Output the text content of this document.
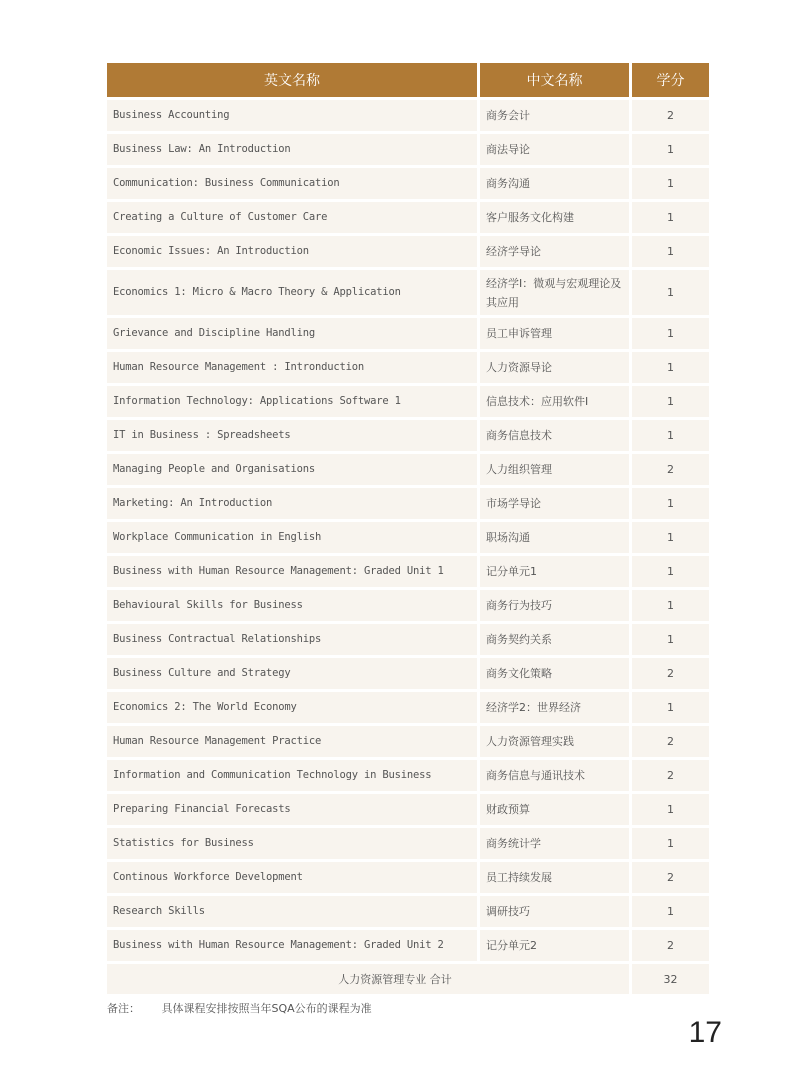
英文名称	中文名称	学分
Business Accounting	商务会计	2
Business Law: An Introduction	商法导论	1
Communication: Business Communication	商务沟通	1
Creating a Culture of Customer Care	客户服务文化构建	1
Economic Issues: An Introduction	经济学导论	1
Economics 1: Micro & Macro Theory & Application	经济学I：微观与宏观理论及其应用	1
Grievance and Discipline Handling	员工申诉管理	1
Human Resource Management : Intronduction	人力资源导论	1
Information Technology: Applications Software 1	信息技术：应用软件I	1
IT in Business : Spreadsheets	商务信息技术	1
Managing People and Organisations	人力组织管理	2
Marketing: An Introduction	市场学导论	1
Workplace Communication in English	职场沟通	1
Business with Human Resource Management: Graded Unit 1	记分单元1	1
Behavioural Skills for Business	商务行为技巧	1
Business Contractual Relationships	商务契约关系	1
Business Culture and Strategy	商务文化策略	2
Economics 2: The World Economy	经济学2：世界经济	1
Human Resource Management Practice	人力资源管理实践	2
Information and Communication Technology in Business	商务信息与通讯技术	2
Preparing Financial Forecasts	财政预算	1
Statistics for Business	商务统计学	1
Continous Workforce Development	员工持续发展	2
Research Skills	调研技巧	1
Business with Human Resource Management: Graded Unit 2	记分单元2	2
人力资源管理专业 合计		32
备注： 具体课程安排按照当年SQA公布的课程为准
17
